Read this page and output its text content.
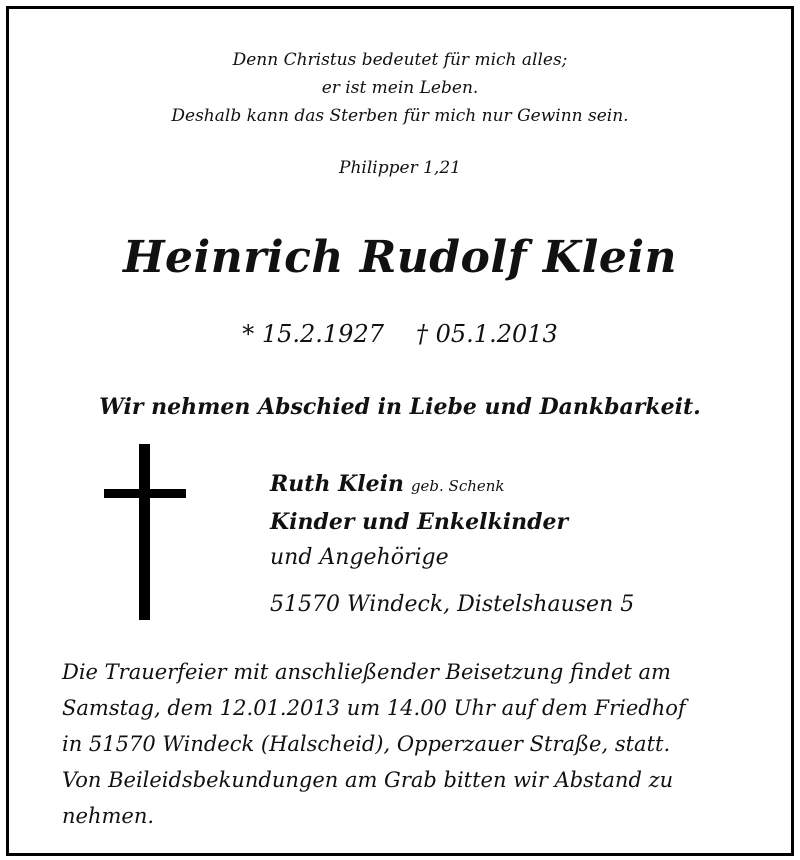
Denn Christus bedeutet für mich alles;
er ist mein Leben.
Deshalb kann das Sterben für mich nur Gewinn sein.
Philipper 1,21
Heinrich Rudolf Klein
* 15.2.1927 † 05.1.2013
Wir nehmen Abschied in Liebe und Dankbarkeit.
Ruth Klein geb. Schenk
Kinder und Enkelkinder
und Angehörige
51570 Windeck, Distelshausen 5
Die Trauerfeier mit anschließender Beisetzung findet am
Samstag, dem 12.01.2013 um 14.00 Uhr auf dem Friedhof
in 51570 Windeck (Halscheid), Opperzauer Straße, statt.
Von Beileidsbekundungen am Grab bitten wir Abstand zu
nehmen.
